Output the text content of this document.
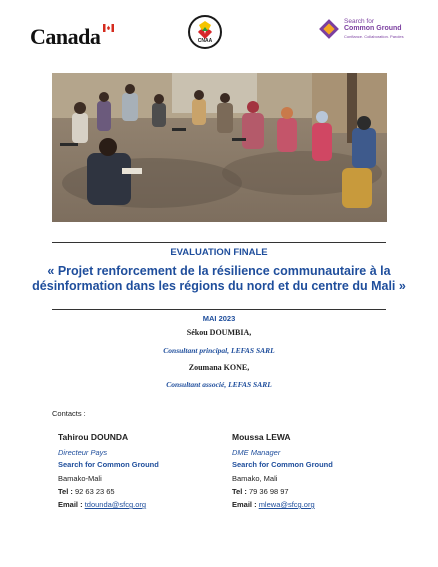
Canada	CNAA
Search for
Common Ground
Confiance. Collaboration. Paroles
EVALUATION FINALE
« Projet renforcement de la résilience communautaire à la désinformation dans les régions du nord et du centre du Mali »
MAI 2023
Sékou DOUMBIA,
Consultant principal, LEFAS SARL
Zoumana KONE,
Consultant associé, LEFAS SARL
Contacts :
Tahirou DOUNDA
Directeur Pays
Search for Common Ground
Bamako-Mali
Tel : 92 63 23 65
Email : tdounda@sfcg.org
Moussa LEWA
DME Manager
Search for Common Ground
Bamako, Mali
Tel : 79 36 98 97
Email : mlewa@sfcg.org
